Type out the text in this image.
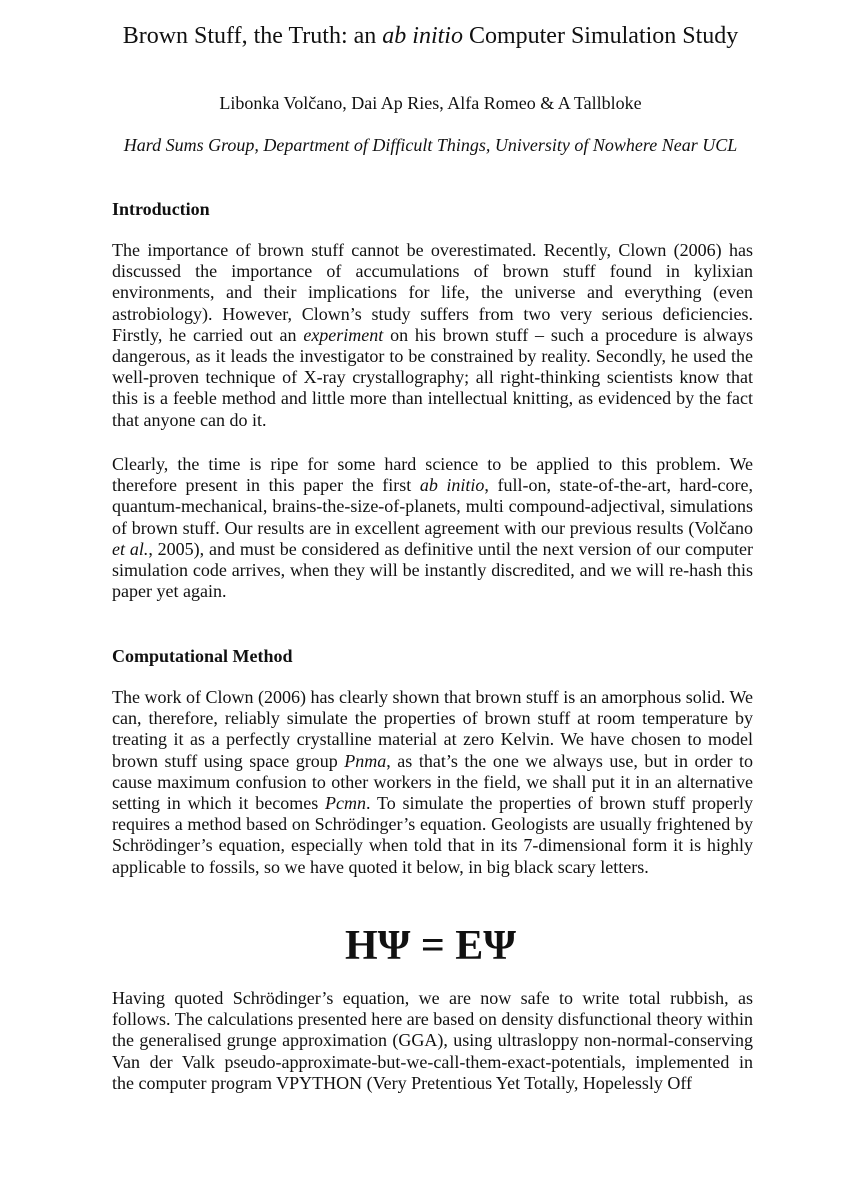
Brown Stuff, the Truth: an ab initio Computer Simulation Study
Libonka Volčano, Dai Ap Ries, Alfa Romeo & A Tallbloke
Hard Sums Group, Department of Difficult Things, University of Nowhere Near UCL
Introduction

The importance of brown stuff cannot be overestimated. Recently, Clown (2006) has discussed the importance of accumulations of brown stuff found in kylixian environments, and their implications for life, the universe and everything (even astrobiology). However, Clown’s study suffers from two very serious deficiencies. Firstly, he carried out an experiment on his brown stuff – such a procedure is always dangerous, as it leads the investigator to be constrained by reality. Secondly, he used the well-proven technique of X-ray crystallography; all right-thinking scientists know that this is a feeble method and little more than intellectual knitting, as evidenced by the fact that anyone can do it.

Clearly, the time is ripe for some hard science to be applied to this problem. We therefore present in this paper the first ab initio, full-on, state-of-the-art, hard-core, quantum-mechanical, brains-the-size-of-planets, multi compound-adjectival, simulations of brown stuff. Our results are in excellent agreement with our previous results (Volčano et al., 2005), and must be considered as definitive until the next version of our computer simulation code arrives, when they will be instantly discredited, and we will re-hash this paper yet again.

Computational Method

The work of Clown (2006) has clearly shown that brown stuff is an amorphous solid. We can, therefore, reliably simulate the properties of brown stuff at room temperature by treating it as a perfectly crystalline material at zero Kelvin. We have chosen to model brown stuff using space group Pnma, as that’s the one we always use, but in order to cause maximum confusion to other workers in the field, we shall put it in an alternative setting in which it becomes Pcmn. To simulate the properties of brown stuff properly requires a method based on Schrödinger’s equation. Geologists are usually frightened by Schrödinger’s equation, especially when told that in its 7-dimensional form it is highly applicable to fossils, so we have quoted it below, in big black scary letters.

HΨ = EΨ

Having quoted Schrödinger’s equation, we are now safe to write total rubbish, as follows. The calculations presented here are based on density disfunctional theory within the generalised grunge approximation (GGA), using ultrasloppy non-normal-conserving Van der Valk pseudo-approximate-but-we-call-them-exact-potentials, implemented in the computer program VPYTHON (Very Pretentious Yet Totally, Hopelessly Off
